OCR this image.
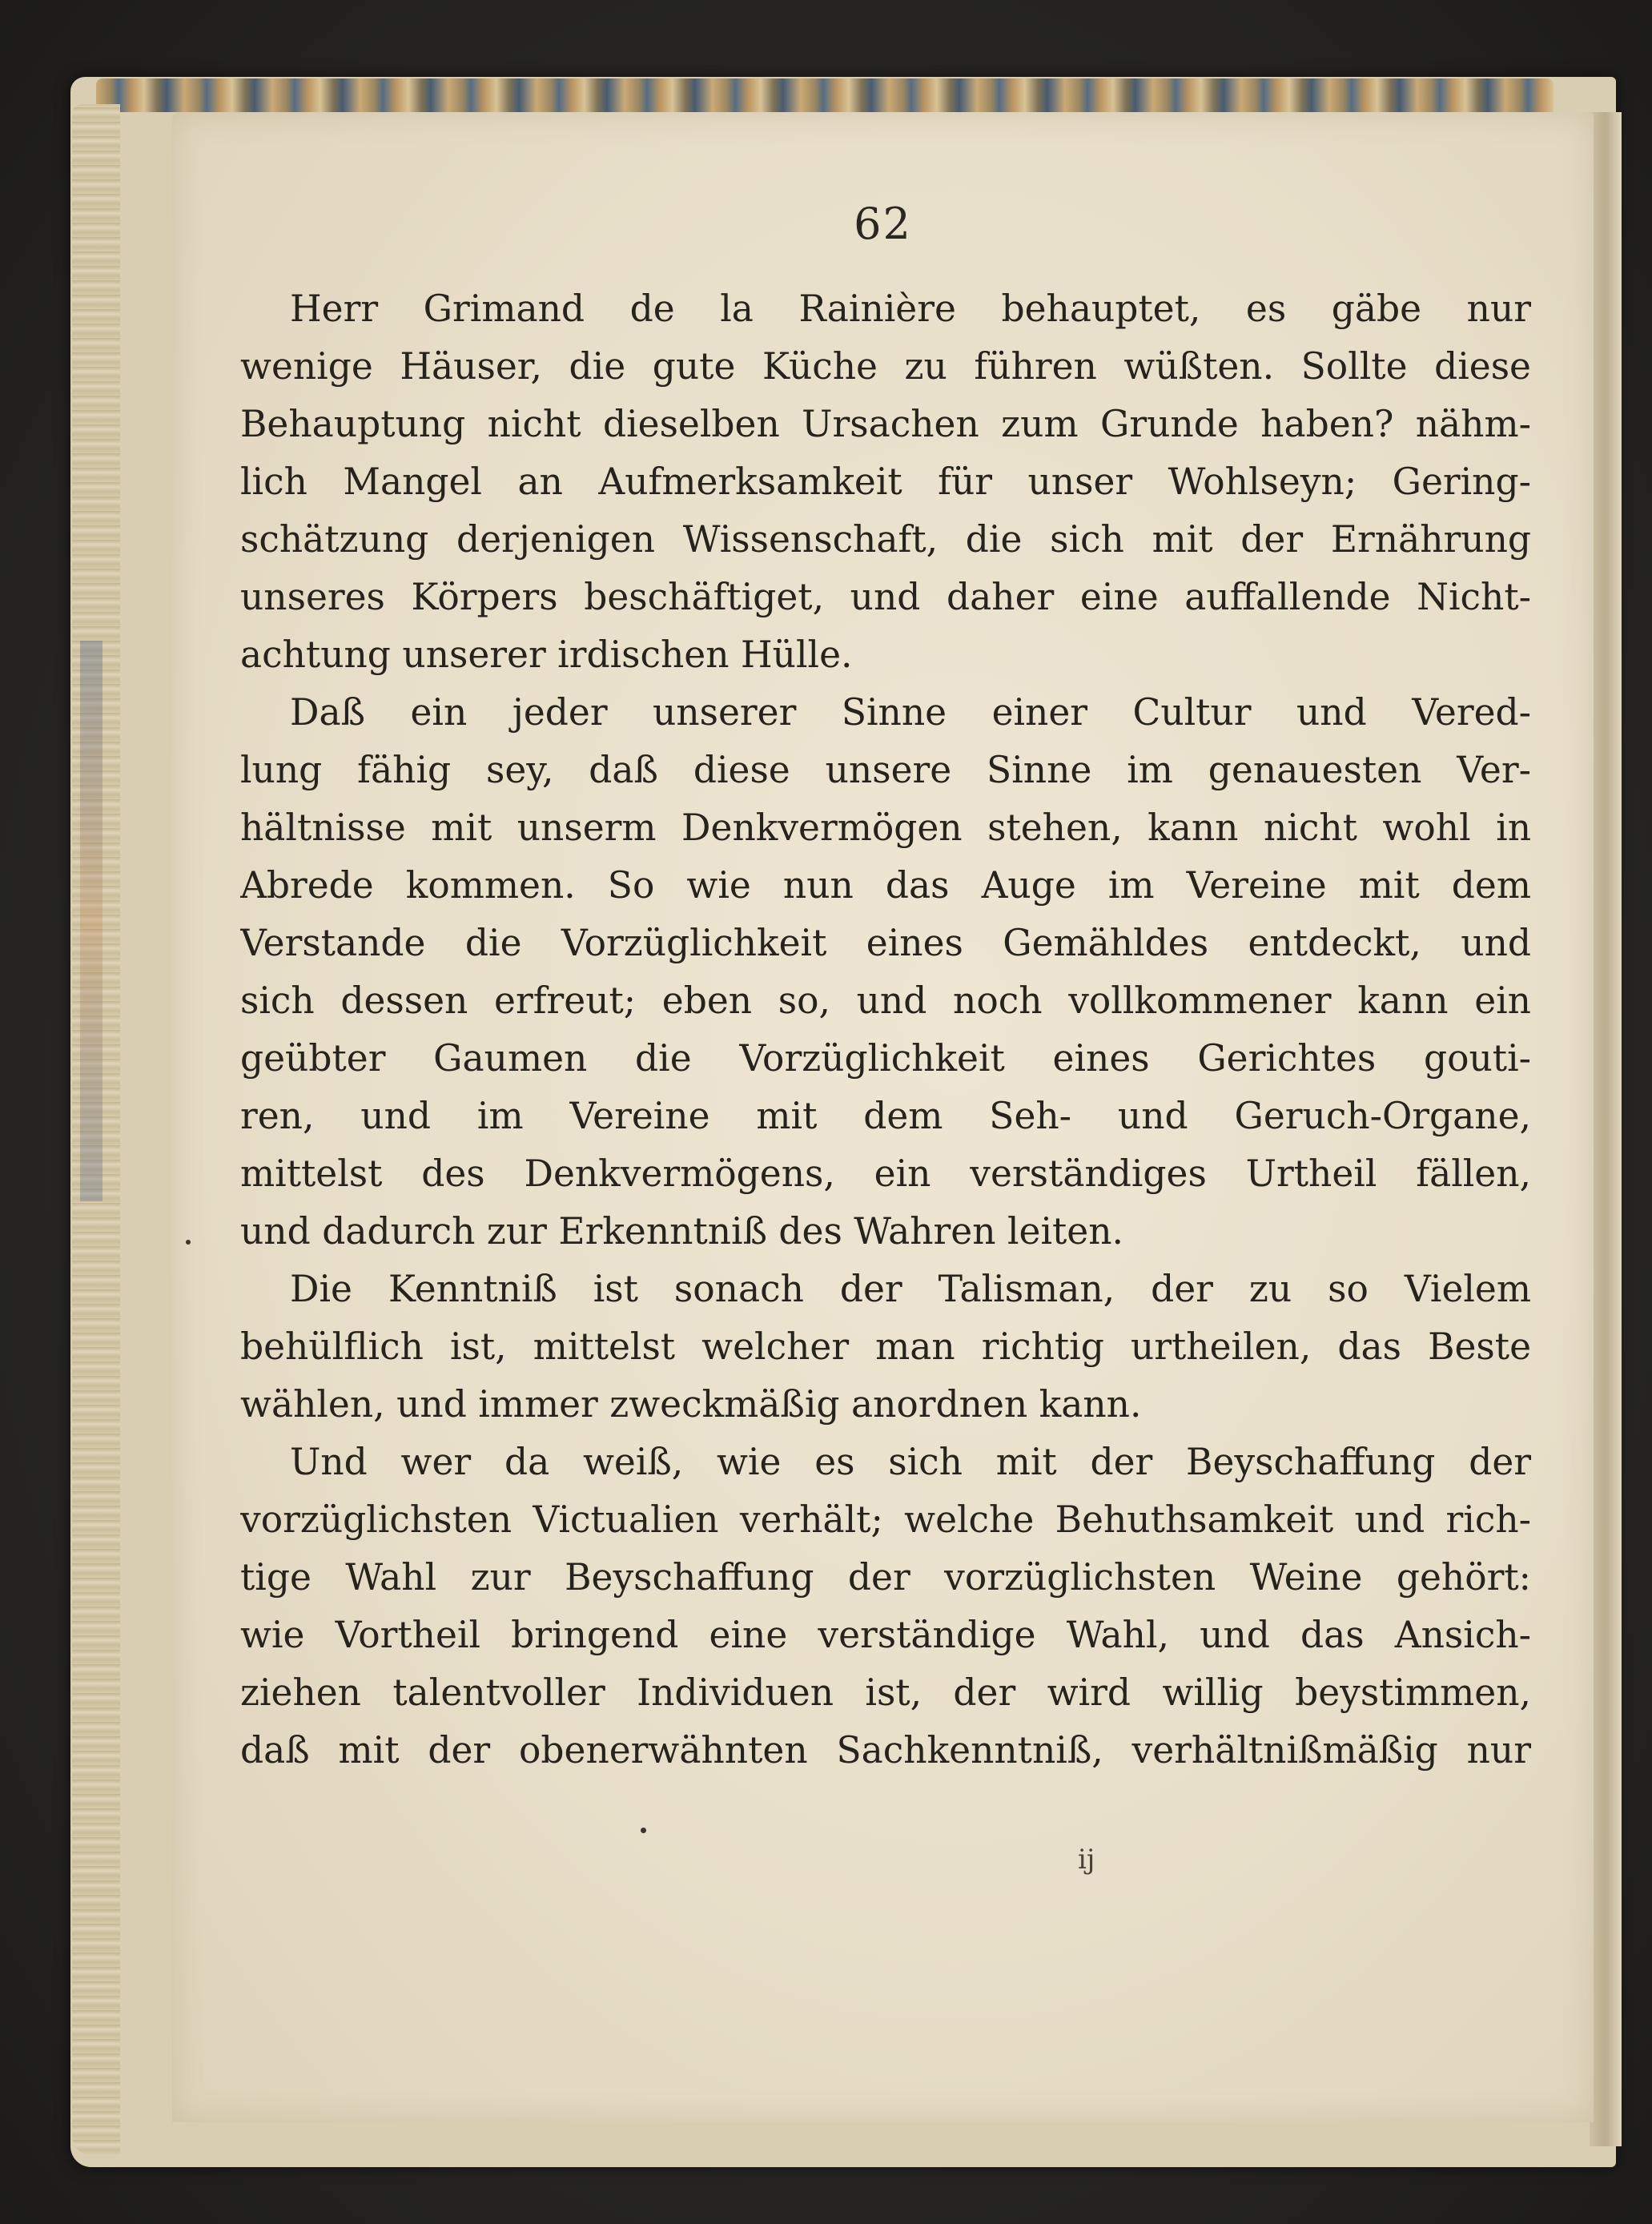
62
Herr Grimand de la Rainière behauptet, es gäbe nur
wenige Häuser, die gute Küche zu führen wüßten. Sollte diese
Behauptung nicht dieselben Ursachen zum Grunde haben? nähm-
lich Mangel an Aufmerksamkeit für unser Wohlseyn; Gering-
schätzung derjenigen Wissenschaft, die sich mit der Ernährung
unseres Körpers beschäftiget, und daher eine auffallende Nicht-
achtung unserer irdischen Hülle.
Daß ein jeder unserer Sinne einer Cultur und Vered-
lung fähig sey, daß diese unsere Sinne im genauesten Ver-
hältnisse mit unserm Denkvermögen stehen, kann nicht wohl in
Abrede kommen. So wie nun das Auge im Vereine mit dem
Verstande die Vorzüglichkeit eines Gemähldes entdeckt, und
sich dessen erfreut; eben so, und noch vollkommener kann ein
geübter Gaumen die Vorzüglichkeit eines Gerichtes gouti-
ren, und im Vereine mit dem Seh- und Geruch-Organe,
mittelst des Denkvermögens, ein verständiges Urtheil fällen,
und dadurch zur Erkenntniß des Wahren leiten.
Die Kenntniß ist sonach der Talisman, der zu so Vielem
behülflich ist, mittelst welcher man richtig urtheilen, das Beste
wählen, und immer zweckmäßig anordnen kann.
Und wer da weiß, wie es sich mit der Beyschaffung der
vorzüglichsten Victualien verhält; welche Behuthsamkeit und rich-
tige Wahl zur Beyschaffung der vorzüglichsten Weine gehört:
wie Vortheil bringend eine verständige Wahl, und das Ansich-
ziehen talentvoller Individuen ist, der wird willig beystimmen,
daß mit der obenerwähnten Sachkenntniß, verhältnißmäßig nur
ij
